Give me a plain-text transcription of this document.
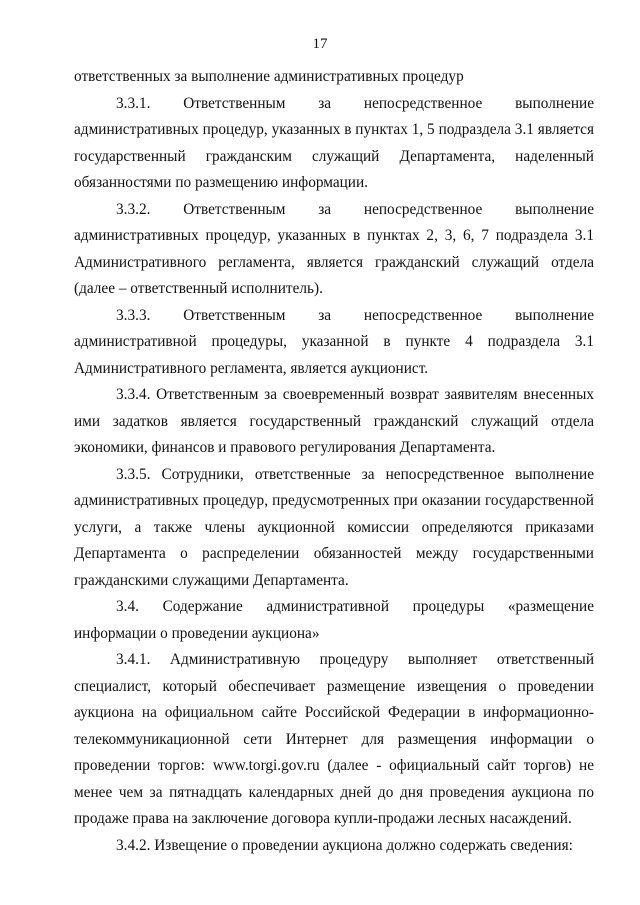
17

ответственных за выполнение административных процедур

3.3.1. Ответственным за непосредственное выполнение административных процедур, указанных в пунктах 1, 5 подраздела 3.1 является государственный гражданским служащий Департамента, наделенный обязанностями по размещению информации.

3.3.2. Ответственным за непосредственное выполнение административных процедур, указанных в пунктах 2, 3, 6, 7 подраздела 3.1 Административного регламента, является гражданский служащий отдела (далее – ответственный исполнитель).

3.3.3. Ответственным за непосредственное выполнение административной процедуры, указанной в пункте 4 подраздела 3.1 Административного регламента, является аукционист.

3.3.4. Ответственным за своевременный возврат заявителям внесенных ими задатков является государственный гражданский служащий отдела экономики, финансов и правового регулирования Департамента.

3.3.5. Сотрудники, ответственные за непосредственное выполнение административных процедур, предусмотренных при оказании государственной услуги, а также члены аукционной комиссии определяются приказами Департамента о распределении обязанностей между государственными гражданскими служащими Департамента.

3.4. Содержание административной процедуры «размещение информации о проведении аукциона»

3.4.1. Административную процедуру выполняет ответственный специалист, который обеспечивает размещение извещения о проведении аукциона на официальном сайте Российской Федерации в информационно-телекоммуникационной сети Интернет для размещения информации о проведении торгов: www.torgi.gov.ru (далее - официальный сайт торгов) не менее чем за пятнадцать календарных дней до дня проведения аукциона по продаже права на заключение договора купли-продажи лесных насаждений.

3.4.2. Извещение о проведении аукциона должно содержать сведения:
